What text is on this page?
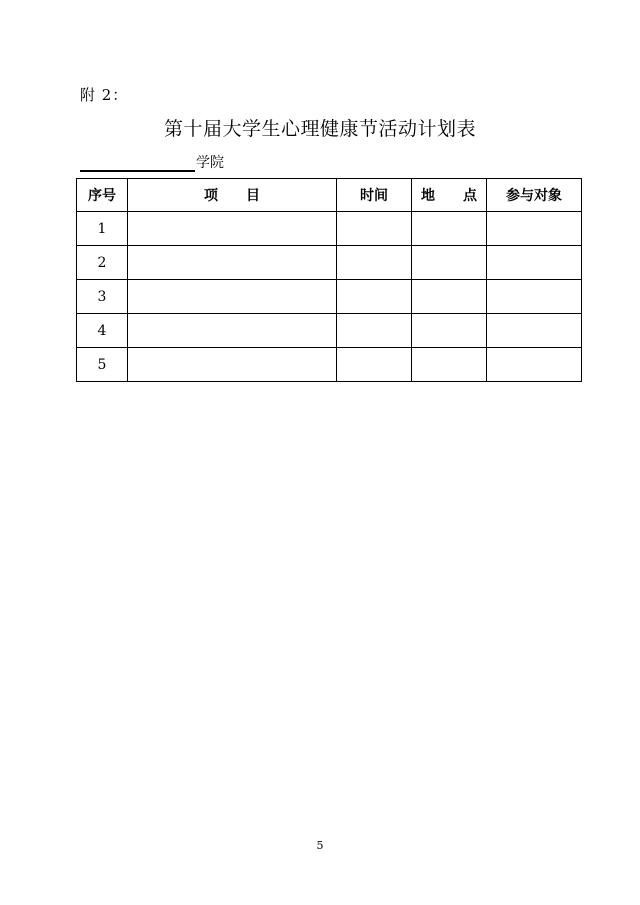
附 2：
第十届大学生心理健康节活动计划表
学院
序号	项　　目	时间	地　　点	参与对象
1				
2				
3				
4				
5				
5
